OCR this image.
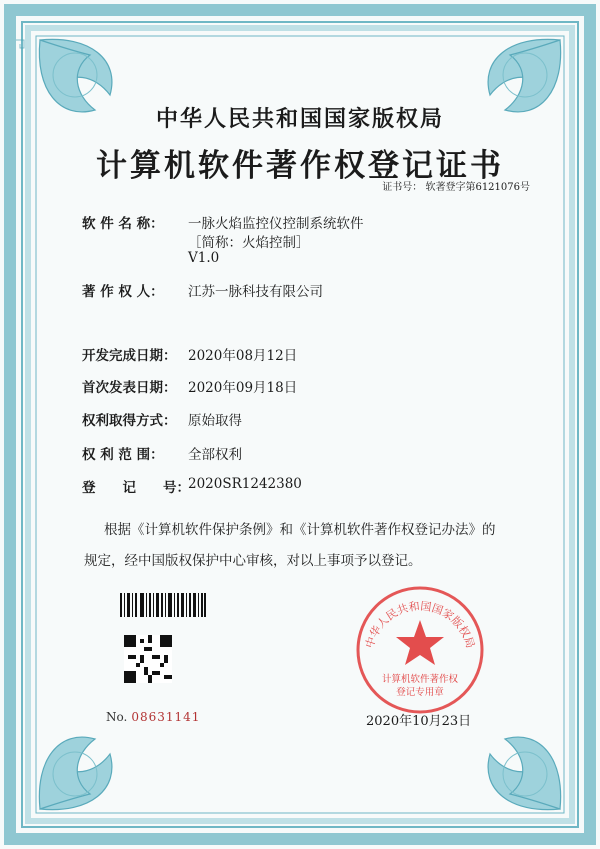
中华人民共和国国家版权局
计算机软件著作权登记证书
证书号： 软著登字第6121076号
软 件 名 称：	一脉火焰监控仪控制系统软件
［简称：火焰控制］
V1.0
著 作 权 人：	江苏一脉科技有限公司
开发完成日期： 2020年08月12日
首次发表日期： 2020年09月18日
权利取得方式： 原始取得
权 利 范 围：	全部权利
登　　记　　号：
2020SR1242380
根据《计算机软件保护条例》和《计算机软件著作权登记办法》的
规定，经中国版权保护中心审核，对以上事项予以登记。
No. 08631141
中华人民共和国国家版权局
计算机软件著作权
登记专用章
2020年10月23日
